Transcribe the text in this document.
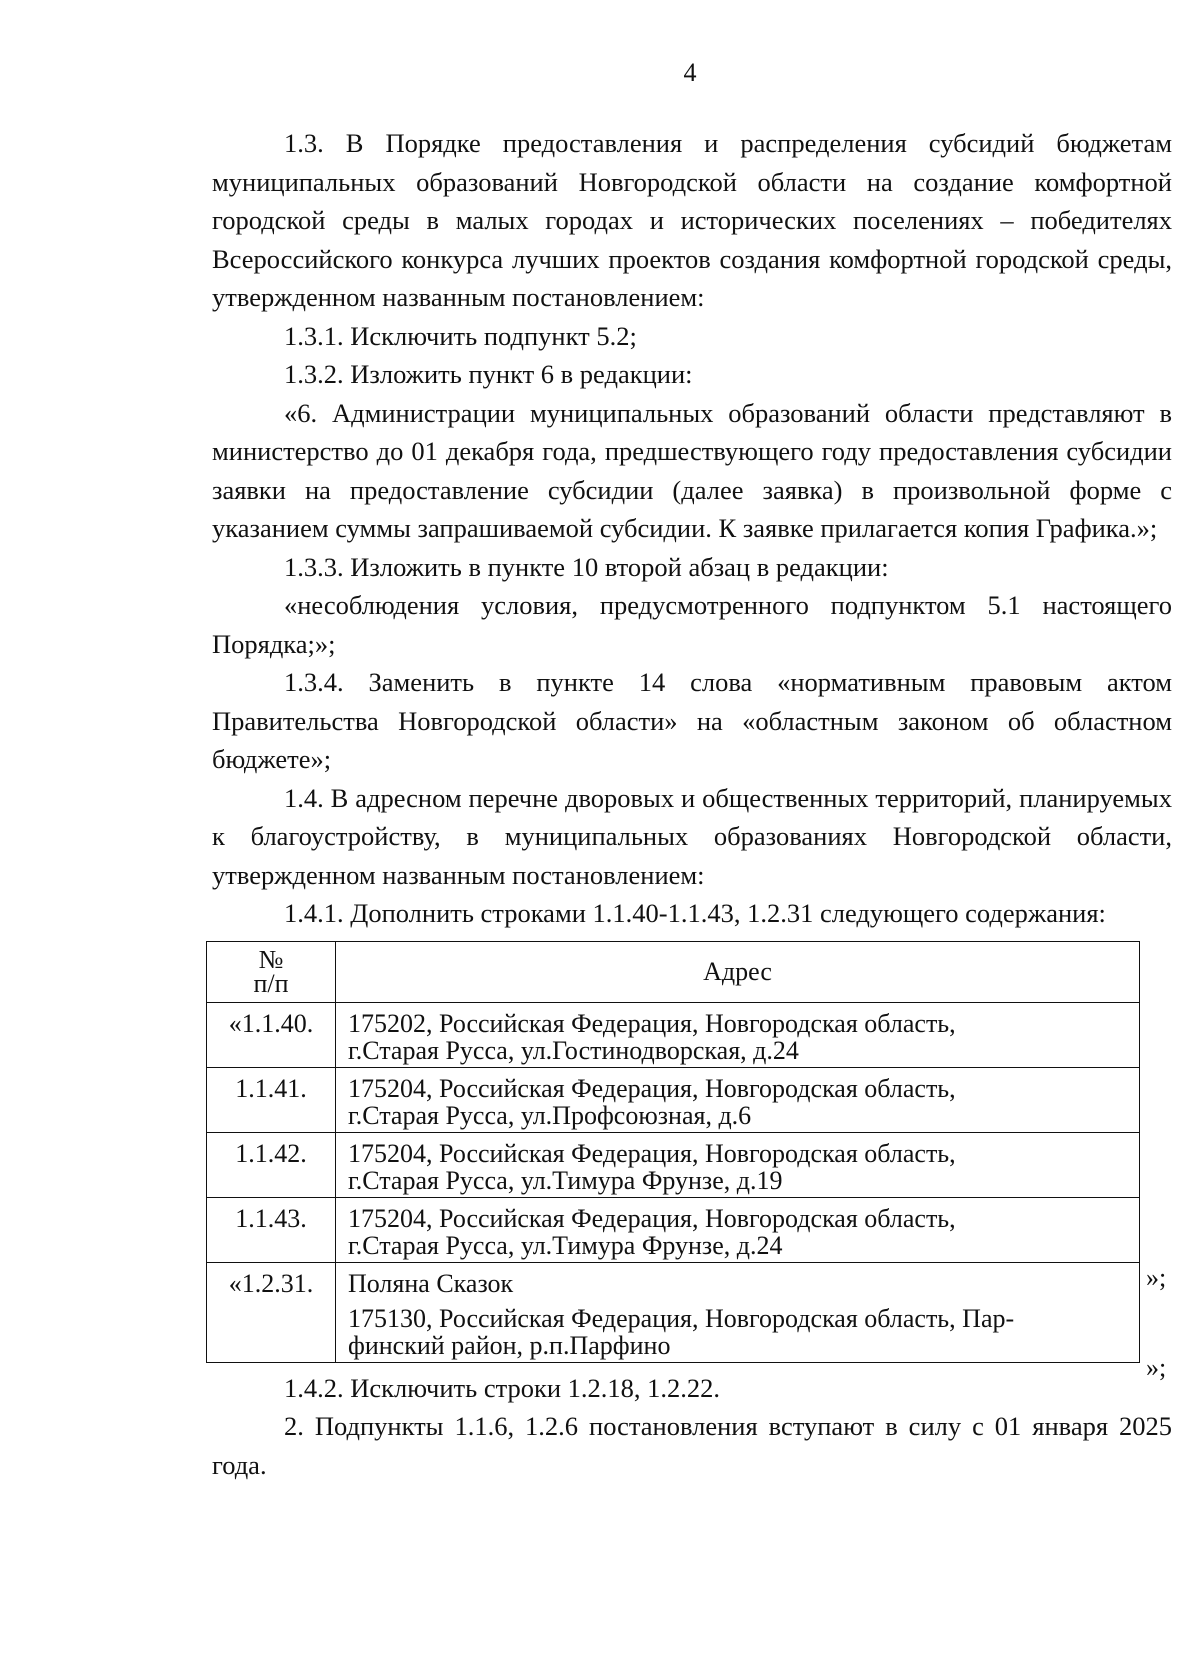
4

1.3. В Порядке предоставления и распределения субсидий бюджетам муниципальных образований Новгородской области на создание комфортной городской среды в малых городах и исторических поселениях – победителях Всероссийского конкурса лучших проектов создания комфортной городской среды, утвержденном названным постановлением:

1.3.1. Исключить подпункт 5.2;

1.3.2. Изложить пункт 6 в редакции:

«6. Администрации муниципальных образований области представляют в министерство до 01 декабря года, предшествующего году предоставления субсидии заявки на предоставление субсидии (далее заявка) в произвольной форме с указанием суммы запрашиваемой субсидии. К заявке прилагается копия Графика.»;

1.3.3. Изложить в пункте 10 второй абзац в редакции:

«несоблюдения условия, предусмотренного подпунктом 5.1 настоящего Порядка;»;

1.3.4. Заменить в пункте 14 слова «нормативным правовым актом Правительства Новгородской области» на «областным законом об областном бюджете»;

1.4. В адресном перечне дворовых и общественных территорий, планируемых к благоустройству, в муниципальных образованиях Новгородской области, утвержденном названным постановлением:

1.4.1. Дополнить строками 1.1.40-1.1.43, 1.2.31 следующего содержания:

№
п/п	Адрес
«1.1.40.	175202, Российская Федерация, Новгородская область,
г.Старая Русса, ул.Гостинодворская, д.24

1.1.41.	175204, Российская Федерация, Новгородская область,
г.Старая Русса, ул.Профсоюзная, д.6

1.1.42.	175204, Российская Федерация, Новгородская область,
г.Старая Русса, ул.Тимура Фрунзе, д.19

1.1.43.	175204, Российская Федерация, Новгородская область,
г.Старая Русса, ул.Тимура Фрунзе, д.24

«1.2.31.	Поляна Сказок
175130, Российская Федерация, Новгородская область, Пар-
финский район, р.п.Парфино
»;
»;

1.4.2. Исключить строки 1.2.18, 1.2.22.

2. Подпункты 1.1.6, 1.2.6 постановления вступают в силу с 01 января 2025 года.
